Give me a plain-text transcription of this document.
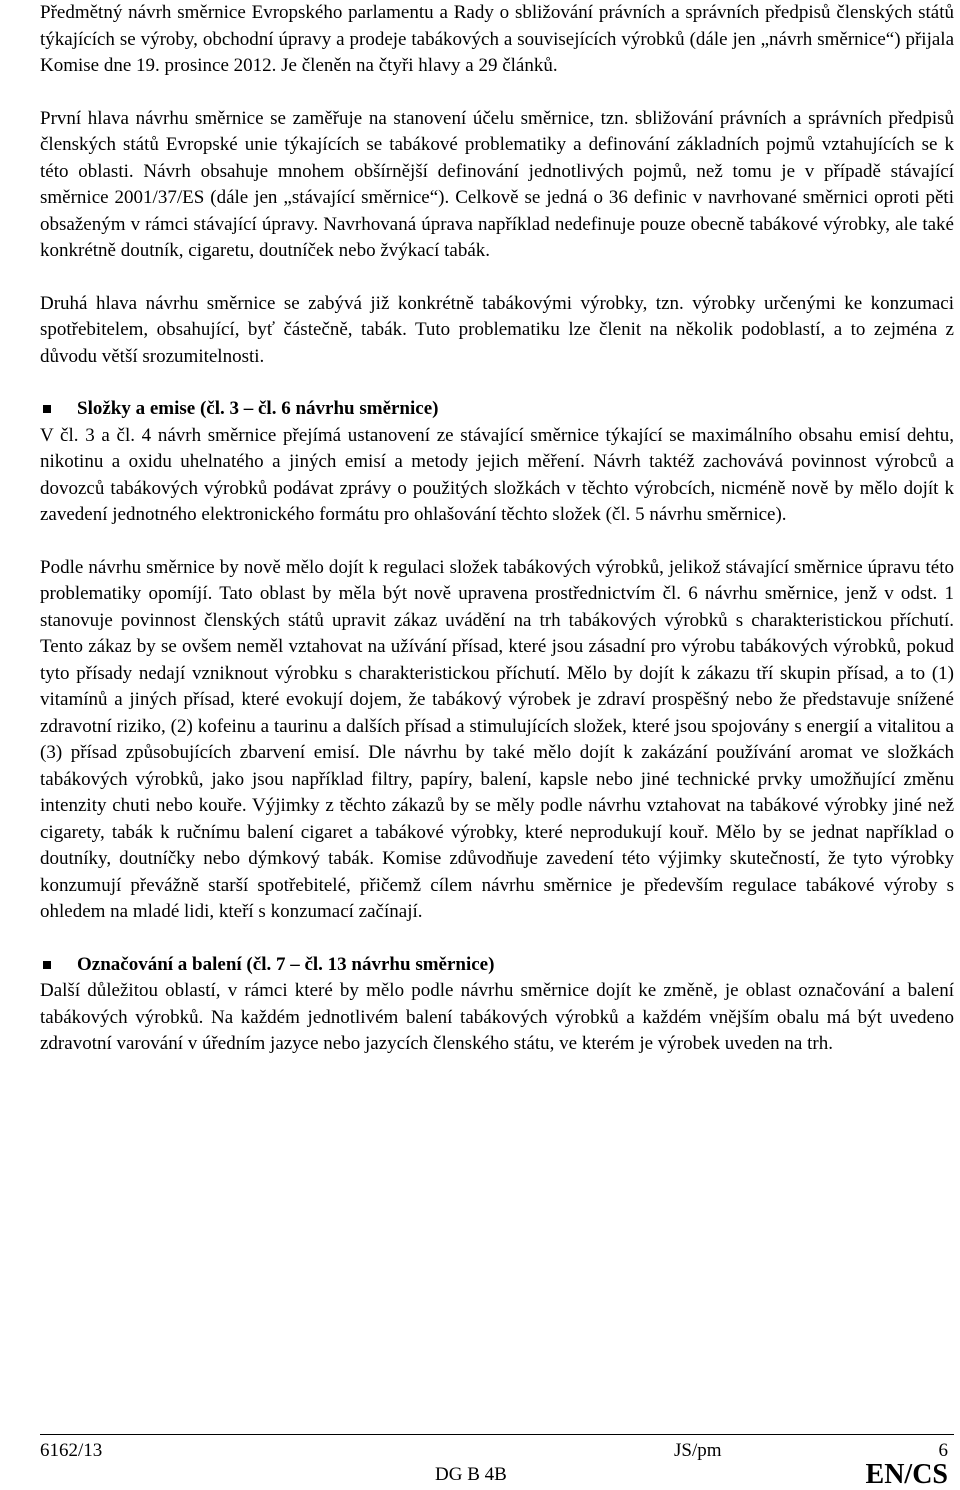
Předmětný návrh směrnice Evropského parlamentu a Rady o sbližování právních a správních předpisů členských států týkajících se výroby, obchodní úpravy a prodeje tabákových a souvisejících výrobků (dále jen „návrh směrnice“) přijala Komise dne 19. prosince 2012. Je členěn na čtyři hlavy a 29 článků.

První hlava návrhu směrnice se zaměřuje na stanovení účelu směrnice, tzn. sbližování právních a správních předpisů členských států Evropské unie týkajících se tabákové problematiky a definování základních pojmů vztahujících se k této oblasti. Návrh obsahuje mnohem obšírnější definování jednotlivých pojmů, než tomu je v případě stávající směrnice 2001/37/ES (dále jen „stávající směrnice“). Celkově se jedná o 36 definic v navrhované směrnici oproti pěti obsaženým v rámci stávající úpravy. Navrhovaná úprava například nedefinuje pouze obecně tabákové výrobky, ale také konkrétně doutník, cigaretu, doutníček nebo žvýkací tabák.

Druhá hlava návrhu směrnice se zabývá již konkrétně tabákovými výrobky, tzn. výrobky určenými ke konzumaci spotřebitelem, obsahující, byť částečně, tabák. Tuto problematiku lze členit na několik podoblastí, a to zejména z důvodu větší srozumitelnosti.

Složky a emise (čl. 3 – čl. 6 návrhu směrnice)

V čl. 3 a čl. 4 návrh směrnice přejímá ustanovení ze stávající směrnice týkající se maximálního obsahu emisí dehtu, nikotinu a oxidu uhelnatého a jiných emisí a metody jejich měření. Návrh taktéž zachovává povinnost výrobců a dovozců tabákových výrobků podávat zprávy o použitých složkách v těchto výrobcích, nicméně nově by mělo dojít k zavedení jednotného elektronického formátu pro ohlašování těchto složek (čl. 5 návrhu směrnice).

Podle návrhu směrnice by nově mělo dojít k regulaci složek tabákových výrobků, jelikož stávající směrnice úpravu této problematiky opomíjí. Tato oblast by měla být nově upravena prostřednictvím čl. 6 návrhu směrnice, jenž v odst. 1 stanovuje povinnost členských států upravit zákaz uvádění na trh tabákových výrobků s charakteristickou příchutí. Tento zákaz by se ovšem neměl vztahovat na užívání přísad, které jsou zásadní pro výrobu tabákových výrobků, pokud tyto přísady nedají vzniknout výrobku s charakteristickou příchutí. Mělo by dojít k zákazu tří skupin přísad, a to (1) vitamínů a jiných přísad, které evokují dojem, že tabákový výrobek je zdraví prospěšný nebo že představuje snížené zdravotní riziko, (2) kofeinu a taurinu a dalších přísad a stimulujících složek, které jsou spojovány s energií a vitalitou a (3) přísad způsobujících zbarvení emisí. Dle návrhu by také mělo dojít k zakázání používání aromat ve složkách tabákových výrobků, jako jsou například filtry, papíry, balení, kapsle nebo jiné technické prvky umožňující změnu intenzity chuti nebo kouře. Výjimky z těchto zákazů by se měly podle návrhu vztahovat na tabákové výrobky jiné než cigarety, tabák k ručnímu balení cigaret a tabákové výrobky, které neprodukují kouř. Mělo by se jednat například o doutníky, doutníčky nebo dýmkový tabák. Komise zdůvodňuje zavedení této výjimky skutečností, že tyto výrobky konzumují převážně starší spotřebitelé, přičemž cílem návrhu směrnice je především regulace tabákové výroby s ohledem na mladé lidi, kteří s konzumací začínají.

Označování a balení (čl. 7 – čl. 13 návrhu směrnice)

Další důležitou oblastí, v rámci které by mělo podle návrhu směrnice dojít ke změně, je oblast označování a balení tabákových výrobků. Na každém jednotlivém balení tabákových výrobků a každém vnějším obalu má být uvedeno zdravotní varování v úředním jazyce nebo jazycích členského státu, ve kterém je výrobek uveden na trh.

6162/13	JS/pm	6
DG B 4B	EN/CS
